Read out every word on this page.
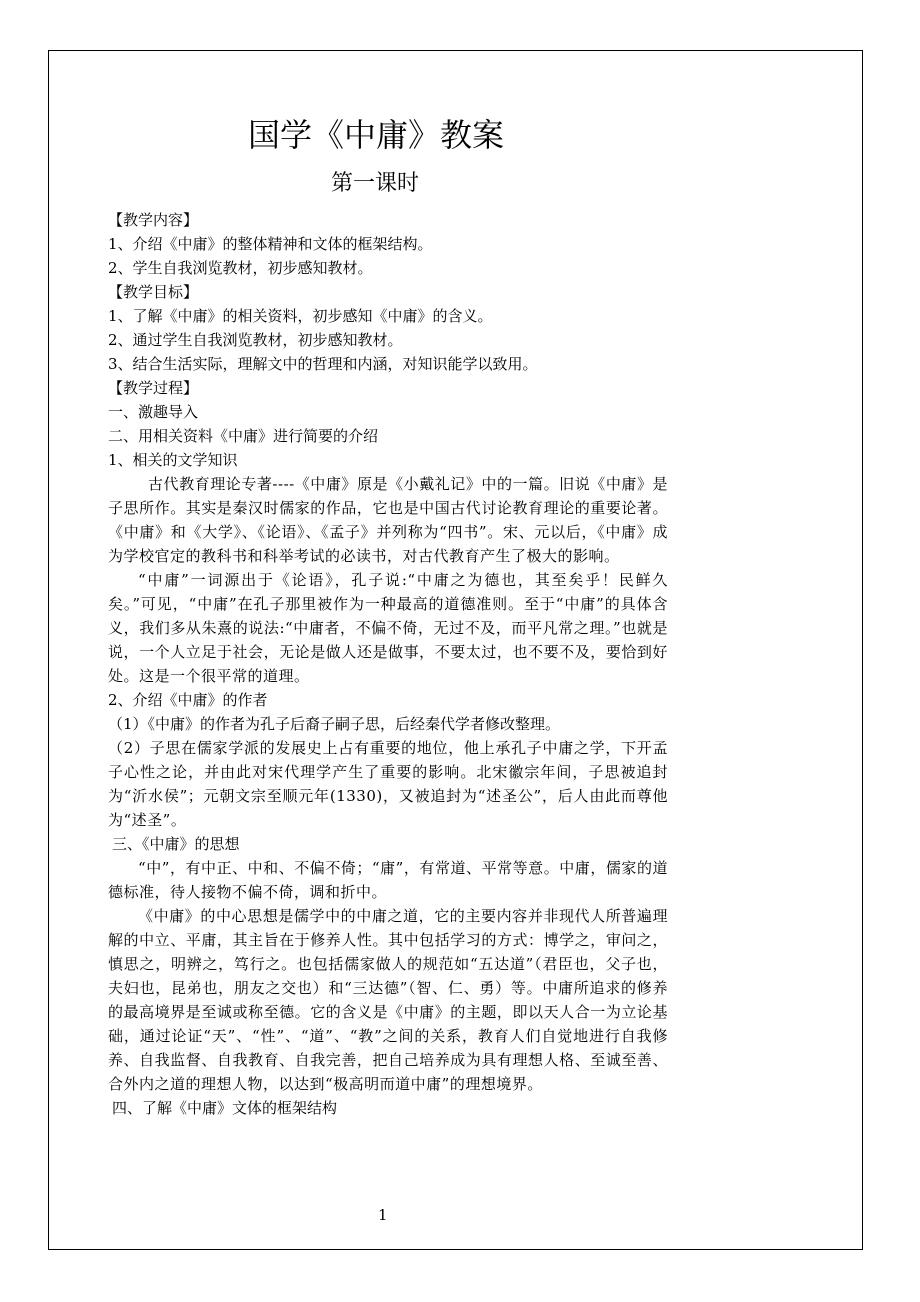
国学《中庸》教案
第一课时

【教学内容】

1、介绍《中庸》的整体精神和文体的框架结构。

2、学生自我浏览教材，初步感知教材。

【教学目标】

1、了解《中庸》的相关资料，初步感知《中庸》的含义。

2、通过学生自我浏览教材，初步感知教材。

3、结合生活实际，理解文中的哲理和内涵，对知识能学以致用。

【教学过程】

一、激趣导入

二、用相关资料《中庸》进行简要的介绍

1、相关的文学知识

古代教育理论专著----《中庸》原是《小戴礼记》中的一篇。旧说《中庸》是子思所作。其实是秦汉时儒家的作品，它也是中国古代讨论教育理论的重要论著。《中庸》和《大学》、《论语》、《孟子》并列称为“四书”。宋、元以后，《中庸》成为学校官定的教科书和科举考试的必读书，对古代教育产生了极大的影响。

“中庸”一词源出于《论语》，孔子说:“中庸之为德也，其至矣乎！民鲜久矣。”可见，“中庸”在孔子那里被作为一种最高的道德准则。至于“中庸”的具体含义，我们多从朱熹的说法:“中庸者，不偏不倚，无过不及，而平凡常之理。”也就是说，一个人立足于社会，无论是做人还是做事，不要太过，也不要不及，要恰到好处。这是一个很平常的道理。

2、介绍《中庸》的作者

（1）《中庸》的作者为孔子后裔子嗣子思，后经秦代学者修改整理。

（2）子思在儒家学派的发展史上占有重要的地位，他上承孔子中庸之学，下开孟子心性之论，并由此对宋代理学产生了重要的影响。北宋徽宗年间，子思被追封为“沂水侯”；元朝文宗至顺元年(1330)，又被追封为“述圣公”，后人由此而尊他为“述圣”。

三、《中庸》的思想

“中”，有中正、中和、不偏不倚；“庸”，有常道、平常等意。中庸，儒家的道德标准，待人接物不偏不倚，调和折中。

《中庸》的中心思想是儒学中的中庸之道，它的主要内容并非现代人所普遍理解的中立、平庸，其主旨在于修养人性。其中包括学习的方式：博学之，审问之，慎思之，明辨之，笃行之。也包括儒家做人的规范如“五达道”（君臣也，父子也，夫妇也，昆弟也，朋友之交也）和“三达德”（智、仁、勇）等。中庸所追求的修养的最高境界是至诚或称至德。它的含义是《中庸》的主题，即以天人合一为立论基础，通过论证“天”、“性”、“道”、“教”之间的关系，教育人们自觉地进行自我修养、自我监督、自我教育、自我完善，把自己培养成为具有理想人格、至诚至善、合外内之道的理想人物，以达到“极高明而道中庸”的理想境界。

四、了解《中庸》文体的框架结构

1
